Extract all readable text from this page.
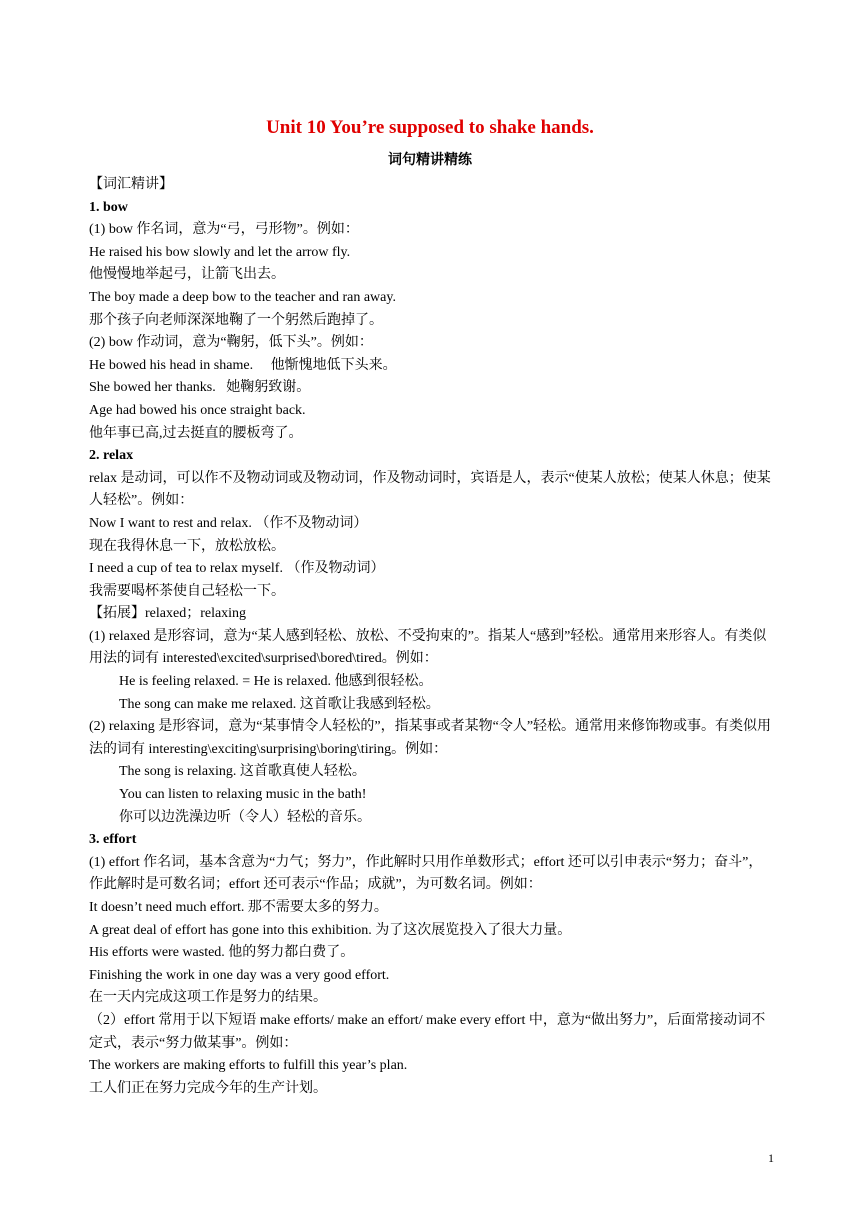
Unit 10 You’re supposed to shake hands.
词句精讲精练

【词汇精讲】

1. bow

(1) bow 作名词，意为“弓，弓形物”。例如：

He raised his bow slowly and let the arrow fly.

他慢慢地举起弓，让箭飞出去。

The boy made a deep bow to the teacher and ran away.

那个孩子向老师深深地鞠了一个躬然后跑掉了。

(2) bow 作动词，意为“鞠躬，低下头”。例如：

He bowed his head in shame.     他惭愧地低下头来。

She bowed her thanks.   她鞠躬致谢。

Age had bowed his once straight back.

他年事已高,过去挺直的腰板弯了。

2. relax

relax 是动词，可以作不及物动词或及物动词，作及物动词时，宾语是人，表示“使某人放松；使某人休息；使某人轻松”。例如：

Now I want to rest and relax. （作不及物动词）

现在我得休息一下，放松放松。

I need a cup of tea to relax myself. （作及物动词）

我需要喝杯茶使自己轻松一下。

【拓展】relaxed；relaxing

(1) relaxed 是形容词，意为“某人感到轻松、放松、不受拘束的”。指某人“感到”轻松。通常用来形容人。有类似用法的词有 interested\excited\surprised\bored\tired。例如：

He is feeling relaxed. = He is relaxed. 他感到很轻松。

The song can make me relaxed. 这首歌让我感到轻松。

(2) relaxing 是形容词，意为“某事情令人轻松的”，指某事或者某物“令人”轻松。通常用来修饰物或事。有类似用法的词有 interesting\exciting\surprising\boring\tiring。例如：

The song is relaxing. 这首歌真使人轻松。

You can listen to relaxing music in the bath!

你可以边洗澡边听（令人）轻松的音乐。

3. effort

(1) effort 作名词，基本含意为“力气；努力”，作此解时只用作单数形式；effort 还可以引申表示“努力；奋斗”，作此解时是可数名词；effort 还可表示“作品；成就”，为可数名词。例如：

It doesn’t need much effort. 那不需要太多的努力。

A great deal of effort has gone into this exhibition. 为了这次展览投入了很大力量。

His efforts were wasted. 他的努力都白费了。

Finishing the work in one day was a very good effort.

在一天内完成这项工作是努力的结果。

（2）effort 常用于以下短语 make efforts/ make an effort/ make every effort 中，意为“做出努力”，后面常接动词不定式，表示“努力做某事”。例如：

The workers are making efforts to fulfill this year’s plan.

工人们正在努力完成今年的生产计划。

1
